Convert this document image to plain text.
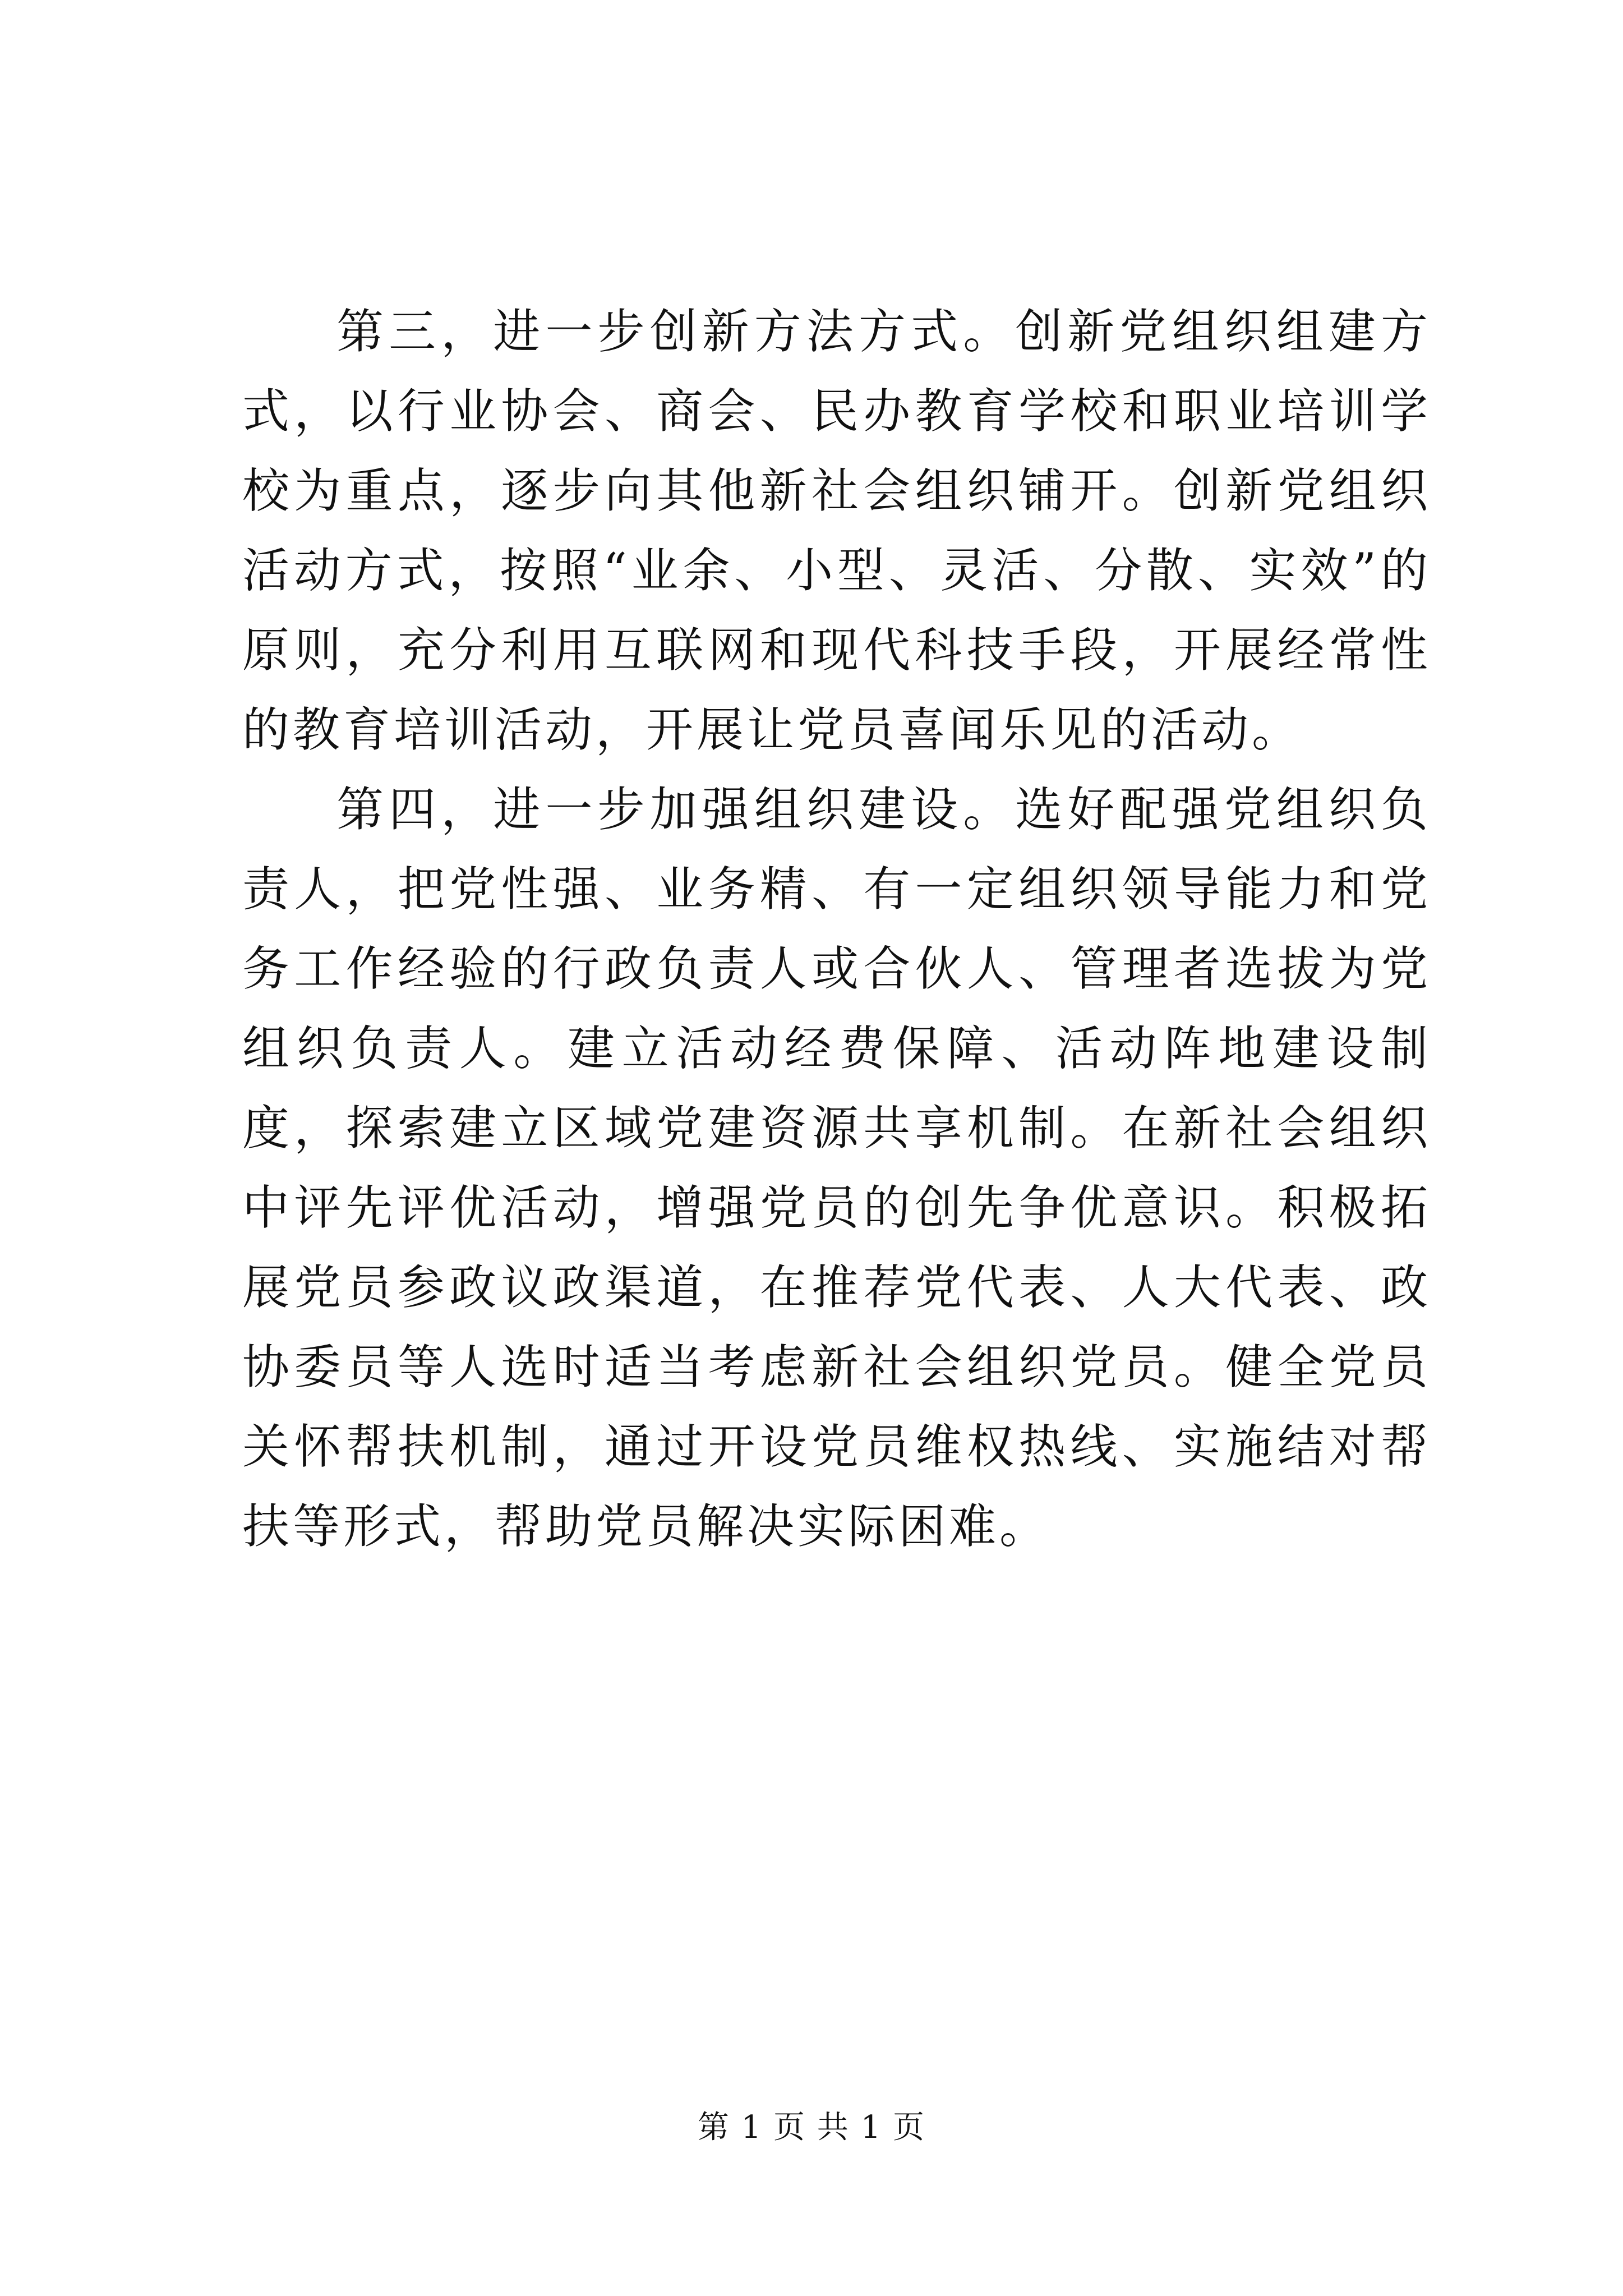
第三，进一步创新方法方式。创新党组织组建方式，以行业协会、商会、民办教育学校和职业培训学校为重点，逐步向其他新社会组织铺开。创新党组织活动方式，按照“业余、小型、灵活、分散、实效”的原则，充分利用互联网和现代科技手段，开展经常性的教育培训活动，开展让党员喜闻乐见的活动。

第四，进一步加强组织建设。选好配强党组织负责人，把党性强、业务精、有一定组织领导能力和党务工作经验的行政负责人或合伙人、管理者选拔为党组织负责人。建立活动经费保障、活动阵地建设制度，探索建立区域党建资源共享机制。在新社会组织中评先评优活动，增强党员的创先争优意识。积极拓展党员参政议政渠道，在推荐党代表、人大代表、政协委员等人选时适当考虑新社会组织党员。健全党员关怀帮扶机制，通过开设党员维权热线、实施结对帮扶等形式，帮助党员解决实际困难。

第 1 页 共 1 页
